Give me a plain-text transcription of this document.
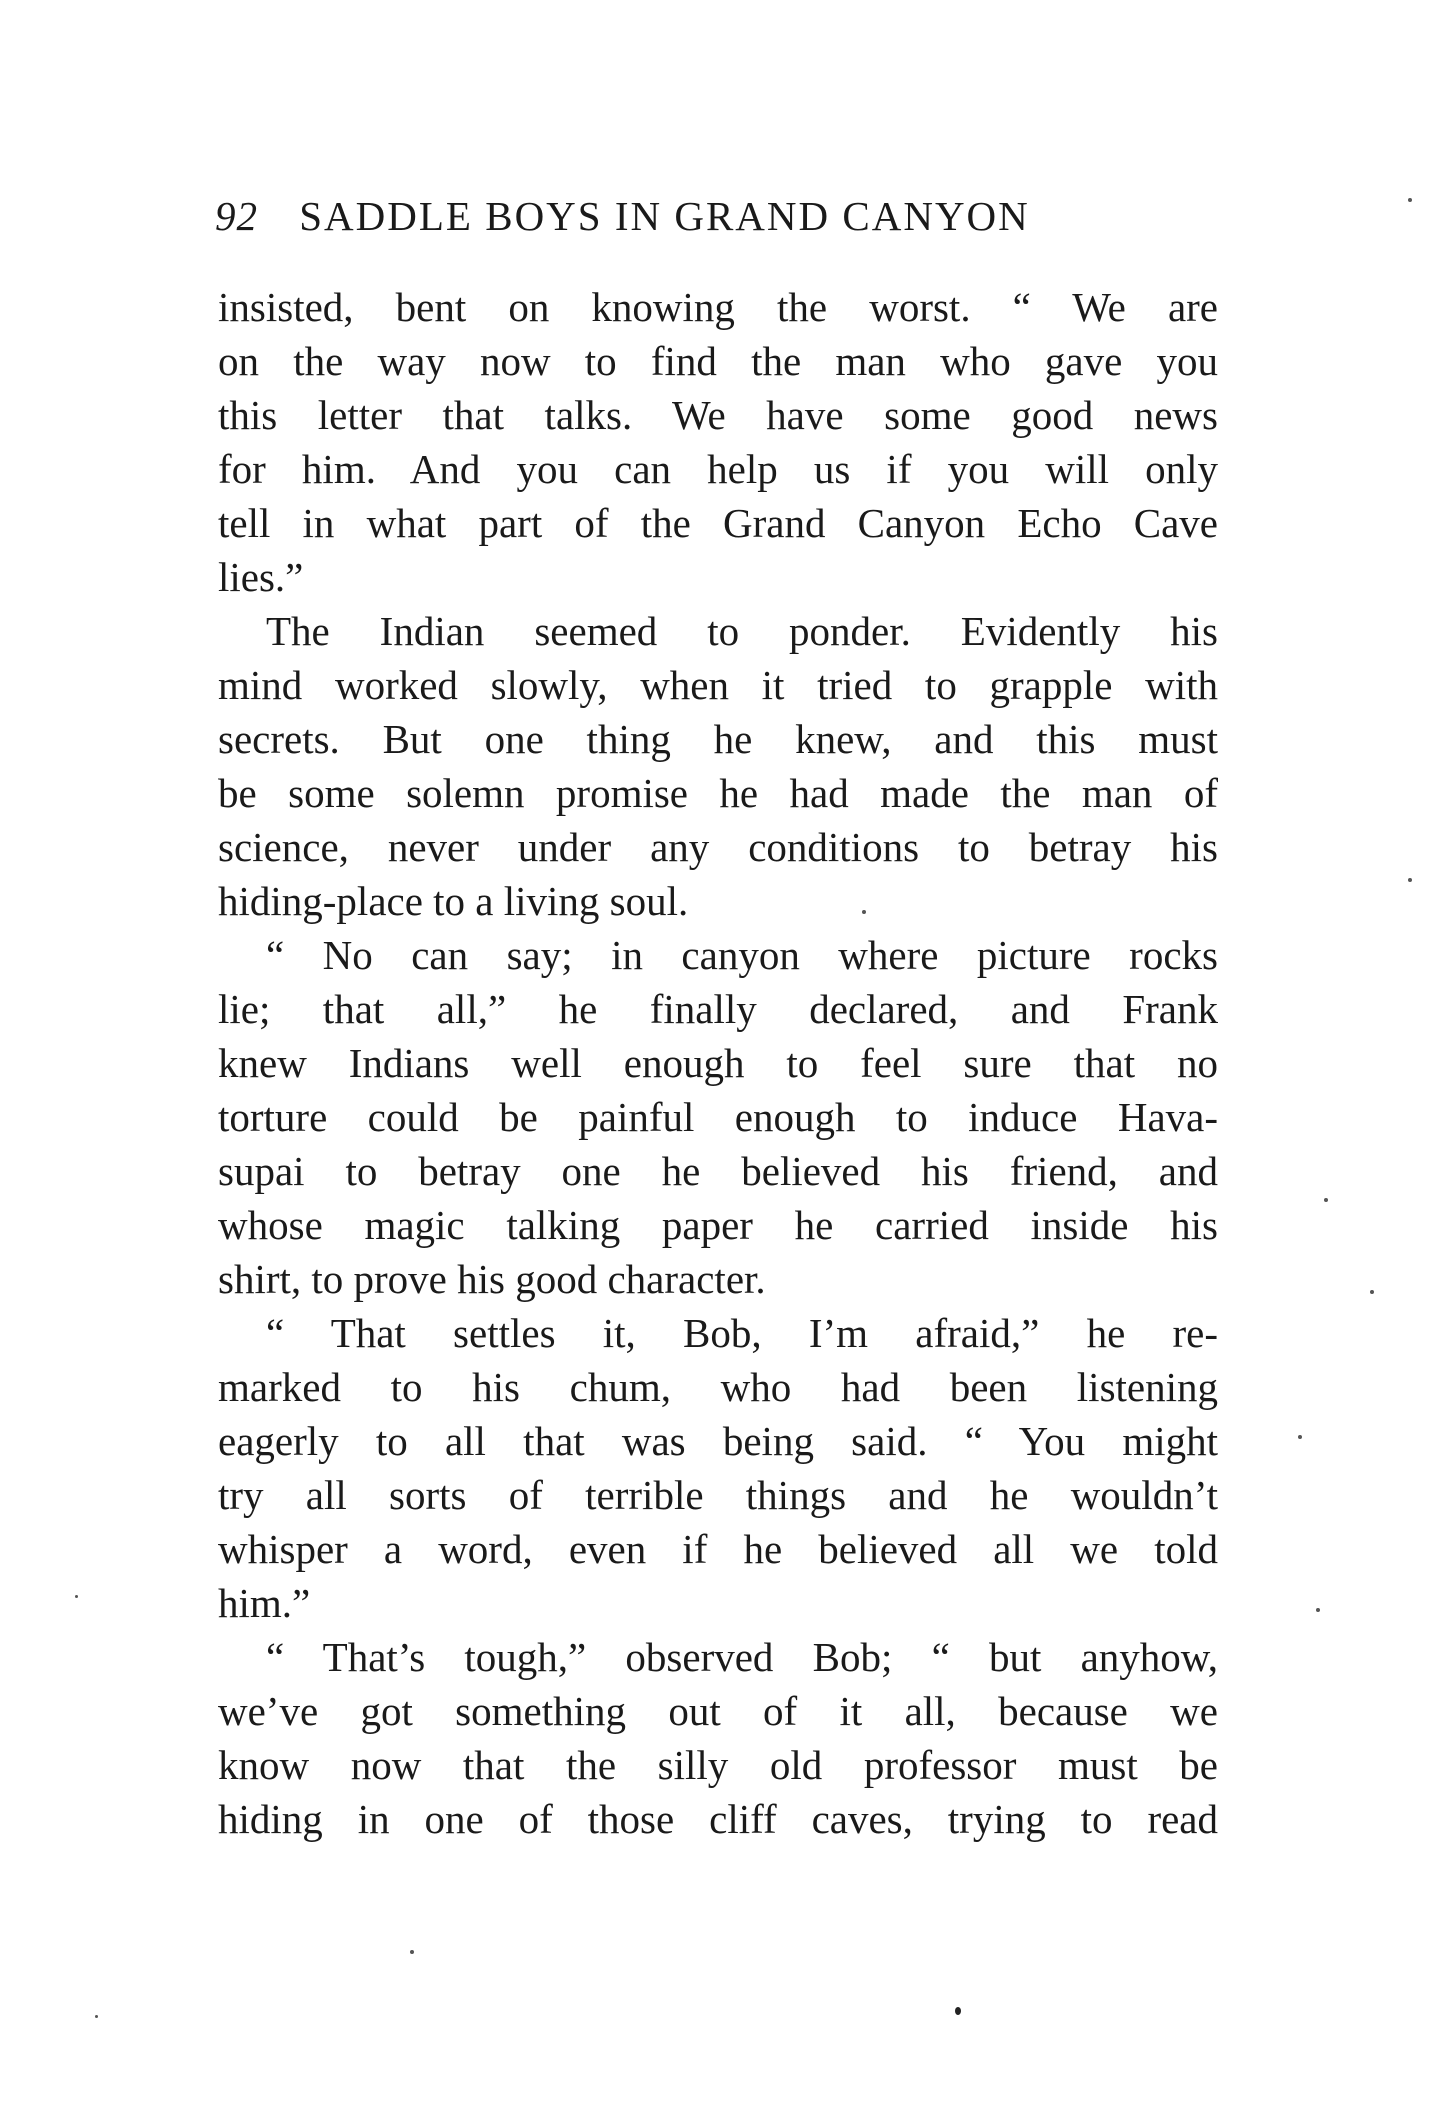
92 SADDLE BOYS IN GRAND CANYON
insisted, bent on knowing the worst. “ We are
on the way now to find the man who gave you
this letter that talks. We have some good news
for him. And you can help us if you will only
tell in what part of the Grand Canyon Echo Cave
lies.”
The Indian seemed to ponder. Evidently his
mind worked slowly, when it tried to grapple with
secrets. But one thing he knew, and this must
be some solemn promise he had made the man of
science, never under any conditions to betray his
hiding-place to a living soul.
“ No can say; in canyon where picture rocks
lie; that all,” he finally declared, and Frank
knew Indians well enough to feel sure that no
torture could be painful enough to induce Hava-
supai to betray one he believed his friend, and
whose magic talking paper he carried inside his
shirt, to prove his good character.
“ That settles it, Bob, I’m afraid,” he re-
marked to his chum, who had been listening
eagerly to all that was being said. “ You might
try all sorts of terrible things and he wouldn’t
whisper a word, even if he believed all we told
him.”
“ That’s tough,” observed Bob; “ but anyhow,
we’ve got something out of it all, because we
know now that the silly old professor must be
hiding in one of those cliff caves, trying to read
